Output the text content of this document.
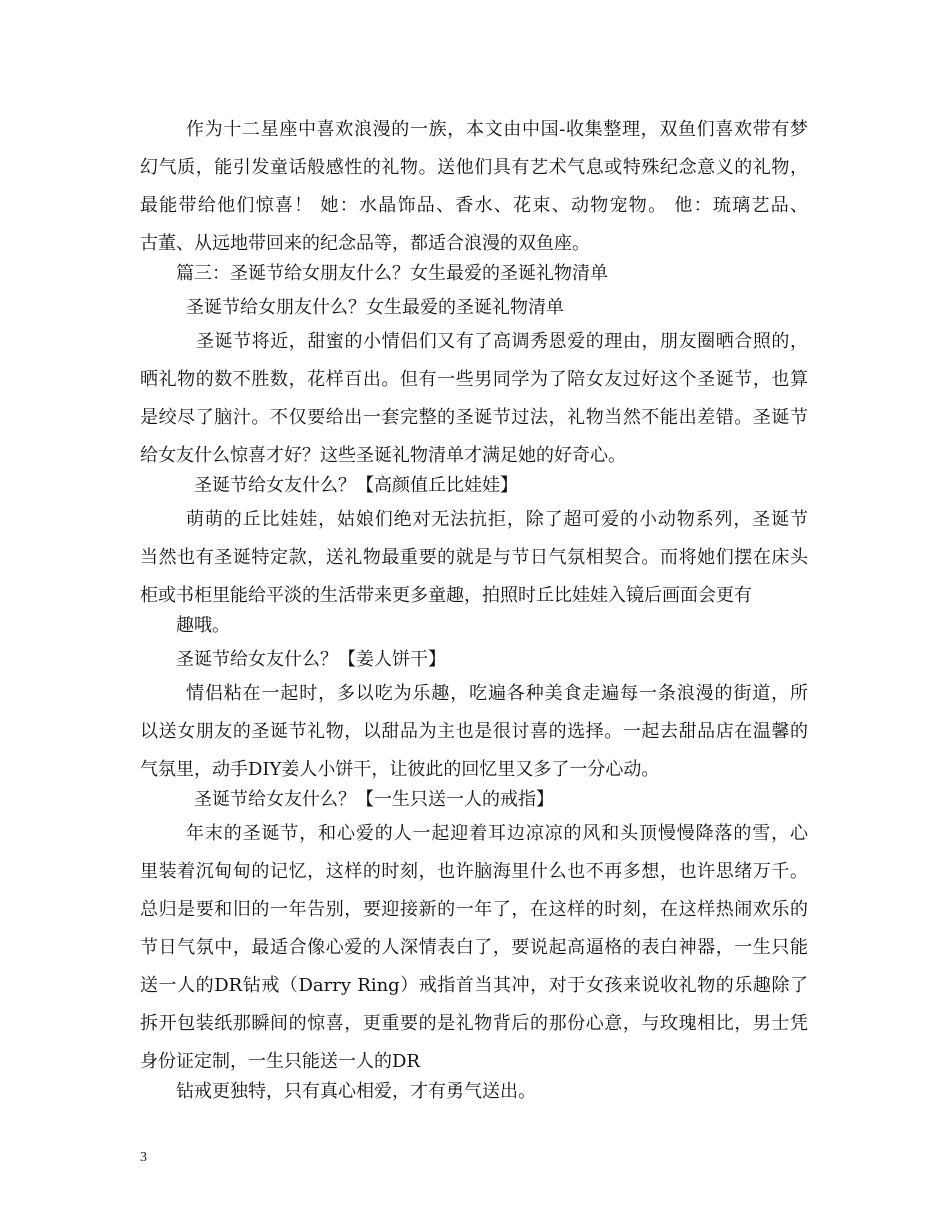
作为十二星座中喜欢浪漫的一族，本文由中国-收集整理，双鱼们喜欢带有梦
幻气质，能引发童话般感性的礼物。送他们具有艺术气息或特殊纪念意义的礼物，
最能带给他们惊喜！ 她：水晶饰品、香水、花束、动物宠物。 他：琉璃艺品、
古董、从远地带回来的纪念品等，都适合浪漫的双鱼座。
篇三：圣诞节给女朋友什么？女生最爱的圣诞礼物清单
圣诞节给女朋友什么？女生最爱的圣诞礼物清单
圣诞节将近，甜蜜的小情侣们又有了高调秀恩爱的理由，朋友圈晒合照的，
晒礼物的数不胜数，花样百出。但有一些男同学为了陪女友过好这个圣诞节，也算
是绞尽了脑汁。不仅要给出一套完整的圣诞节过法，礼物当然不能出差错。圣诞节
给女友什么惊喜才好？这些圣诞礼物清单才满足她的好奇心。
圣诞节给女友什么？【高颜值丘比娃娃】
萌萌的丘比娃娃，姑娘们绝对无法抗拒，除了超可爱的小动物系列，圣诞节
当然也有圣诞特定款，送礼物最重要的就是与节日气氛相契合。而将她们摆在床头
柜或书柜里能给平淡的生活带来更多童趣，拍照时丘比娃娃入镜后画面会更有
趣哦。
圣诞节给女友什么？【姜人饼干】
情侣粘在一起时，多以吃为乐趣，吃遍各种美食走遍每一条浪漫的街道，所
以送女朋友的圣诞节礼物，以甜品为主也是很讨喜的选择。一起去甜品店在温馨的
气氛里，动手DIY姜人小饼干，让彼此的回忆里又多了一分心动。
圣诞节给女友什么？【一生只送一人的戒指】
年末的圣诞节，和心爱的人一起迎着耳边凉凉的风和头顶慢慢降落的雪，心
里装着沉甸甸的记忆，这样的时刻，也许脑海里什么也不再多想，也许思绪万千。
总归是要和旧的一年告别，要迎接新的一年了，在这样的时刻，在这样热闹欢乐的
节日气氛中，最适合像心爱的人深情表白了，要说起高逼格的表白神器，一生只能
送一人的DR钻戒（Darry Ring）戒指首当其冲，对于女孩来说收礼物的乐趣除了
拆开包装纸那瞬间的惊喜，更重要的是礼物背后的那份心意，与玫瑰相比，男士凭
身份证定制，一生只能送一人的DR
钻戒更独特，只有真心相爱，才有勇气送出。
3
